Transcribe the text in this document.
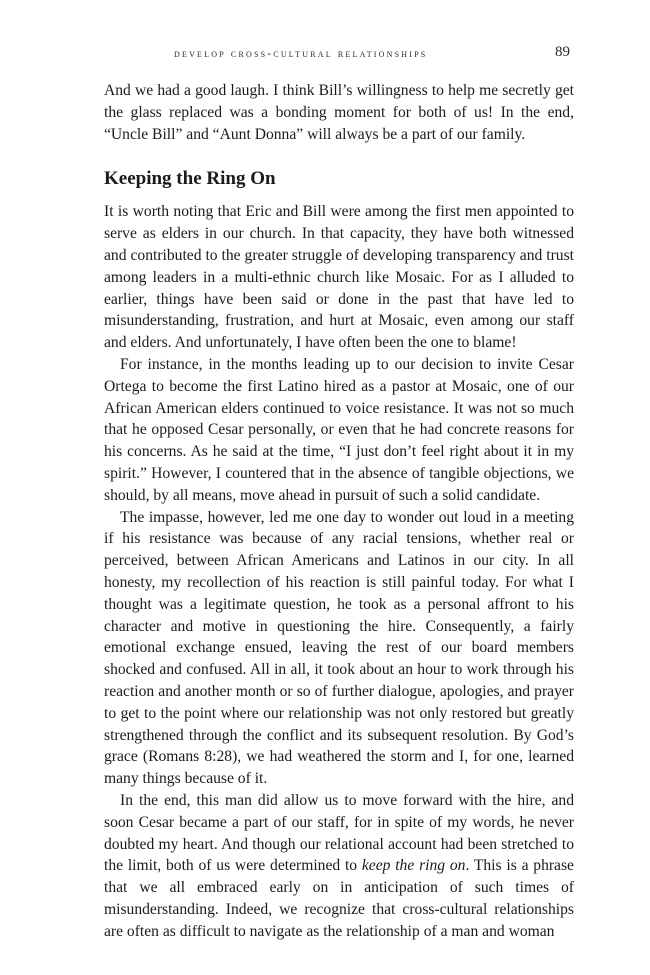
develop cross-cultural relationships	89

And we had a good laugh. I think Bill’s willingness to help me secretly get the glass replaced was a bonding moment for both of us! In the end, “Uncle Bill” and “Aunt Donna” will always be a part of our family.

Keeping the Ring On

It is worth noting that Eric and Bill were among the first men appointed to serve as elders in our church. In that capacity, they have both witnessed and contributed to the greater struggle of developing transparency and trust among leaders in a multi-ethnic church like Mosaic. For as I alluded to earlier, things have been said or done in the past that have led to misunderstanding, frustration, and hurt at Mosaic, even among our staff and elders. And unfortunately, I have often been the one to blame!

For instance, in the months leading up to our decision to invite Cesar Ortega to become the first Latino hired as a pastor at Mosaic, one of our African American elders continued to voice resistance. It was not so much that he opposed Cesar personally, or even that he had concrete reasons for his concerns. As he said at the time, “I just don’t feel right about it in my spirit.” However, I countered that in the absence of tangible objections, we should, by all means, move ahead in pursuit of such a solid candidate.

The impasse, however, led me one day to wonder out loud in a meeting if his resistance was because of any racial tensions, whether real or perceived, between African Americans and Latinos in our city. In all honesty, my recollection of his reaction is still painful today. For what I thought was a legitimate question, he took as a personal affront to his character and motive in questioning the hire. Consequently, a fairly emotional exchange ensued, leaving the rest of our board members shocked and confused. All in all, it took about an hour to work through his reaction and another month or so of further dialogue, apologies, and prayer to get to the point where our relationship was not only restored but greatly strengthened through the conflict and its subsequent resolution. By God’s grace (Romans 8:28), we had weathered the storm and I, for one, learned many things because of it.

In the end, this man did allow us to move forward with the hire, and soon Cesar became a part of our staff, for in spite of my words, he never doubted my heart. And though our relational account had been stretched to the limit, both of us were determined to keep the ring on. This is a phrase that we all embraced early on in anticipation of such times of misunderstanding. Indeed, we recognize that cross-cultural relationships are often as difficult to navigate as the relationship of a man and woman
